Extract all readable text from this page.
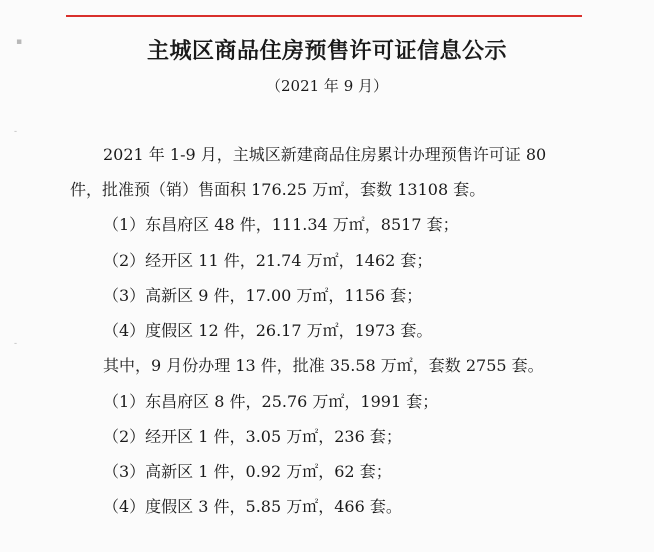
▪
-
-
主城区商品住房预售许可证信息公示
（2021 年 9 月）
2021 年 1-9 月，主城区新建商品住房累计办理预售许可证 80
件，批准预（销）售面积 176.25 万㎡，套数 13108 套。
（1）东昌府区 48 件，111.34 万㎡，8517 套；
（2）经开区 11 件，21.74 万㎡，1462 套；
（3）高新区 9 件，17.00 万㎡，1156 套；
（4）度假区 12 件，26.17 万㎡，1973 套。
其中，9 月份办理 13 件，批准 35.58 万㎡，套数 2755 套。
（1）东昌府区 8 件，25.76 万㎡，1991 套；
（2）经开区 1 件，3.05 万㎡，236 套；
（3）高新区 1 件，0.92 万㎡，62 套；
（4）度假区 3 件，5.85 万㎡，466 套。
